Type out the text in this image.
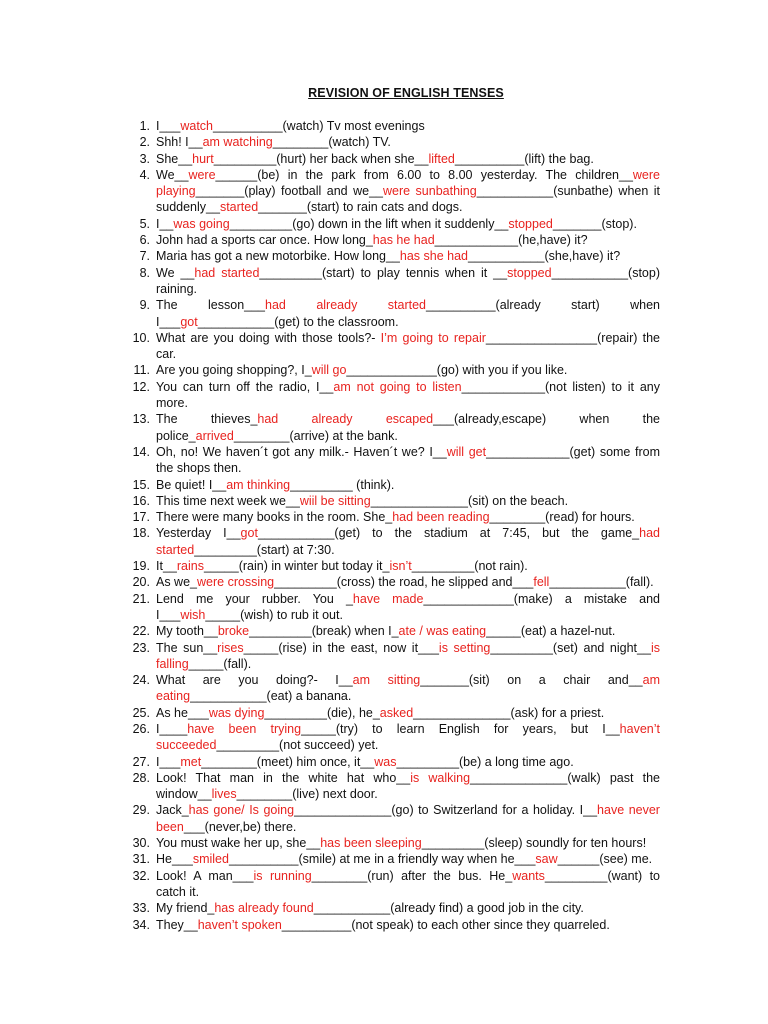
REVISION OF ENGLISH TENSES
1. I___watch__________(watch) Tv most evenings
2. Shh! I__am watching________(watch) TV.
3. She__hurt_________(hurt) her back when she__lifted__________(lift) the bag.
4. We__were______(be) in the park from 6.00 to 8.00 yesterday. The children__were playing_______(play) football and we__were sunbathing___________(sunbathe) when it suddenly__started_______(start) to rain cats and dogs.
5. I__was going_________(go) down in the lift when it suddenly__stopped_______(stop).
6. John had a sports car once. How long_has he had____________(he,have) it?
7. Maria has got a new motorbike. How long__has she had___________(she,have) it?
8. We __had started_________(start) to play tennis when it __stopped___________(stop) raining.
9. The lesson___had already started__________(already start) when I___got___________(get) to the classroom.
10. What are you doing with those tools?- I’m going to repair________________(repair) the car.
11. Are you going shopping?, I_will go_____________(go) with you if you like.
12. You can turn off the radio, I__am not going to listen____________(not listen) to it any more.
13. The thieves_had already escaped___(already,escape) when the police_arrived________(arrive) at the bank.
14. Oh, no! We haven´t got any milk.- Haven´t we? I__will get____________(get) some from the shops then.
15. Be quiet! I__am thinking_________ (think).
16. This time next week we__wiil be sitting______________(sit) on the beach.
17. There were many books in the room. She_had been reading________(read) for hours.
18. Yesterday I__got___________(get) to the stadium at 7:45, but the game_had started_________(start) at 7:30.
19. It__rains_____(rain) in winter but today it_isn’t_________(not rain).
20. As we_were crossing_________(cross) the road, he slipped and___fell___________(fall).
21. Lend me your rubber. You _have made_____________(make) a mistake and I___wish_____(wish) to rub it out.
22. My tooth__broke_________(break) when I_ate / was eating_____(eat) a hazel-nut.
23. The sun__rises_____(rise) in the east, now it___is setting_________(set) and night__is falling_____(fall).
24. What are you doing?- I__am sitting_______(sit) on a chair and__am eating___________(eat) a banana.
25. As he___was dying_________(die), he_asked______________(ask) for a priest.
26. I____have been trying_____(try) to learn English for years, but I__haven’t succeeded_________(not succeed) yet.
27. I___met________(meet) him once, it__was_________(be) a long time ago.
28. Look! That man in the white hat who__is walking______________(walk) past the window__lives________(live) next door.
29. Jack_has gone/ Is going______________(go) to Switzerland for a holiday. I__have never been___(never,be) there.
30. You must wake her up, she__has been sleeping_________(sleep) soundly for ten hours!
31. He___smiled__________(smile) at me in a friendly way when he___saw______(see) me.
32. Look! A man___is running________(run) after the bus. He_wants_________(want) to catch it.
33. My friend_has already found___________(already find) a good job in the city.
34. They__haven’t spoken__________(not speak) to each other since they quarreled.
